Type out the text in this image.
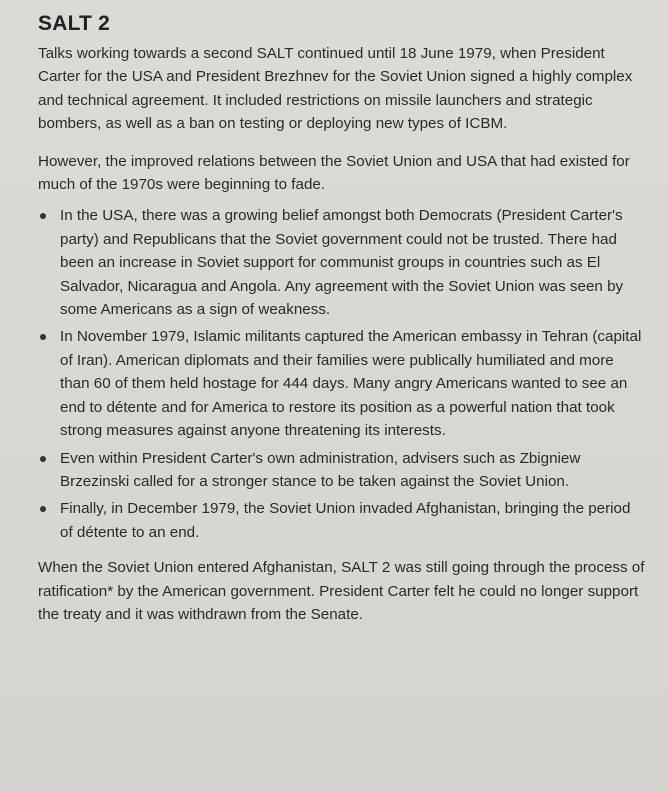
SALT 2

Talks working towards a second SALT continued until 18 June 1979, when President Carter for the USA and President Brezhnev for the Soviet Union signed a highly complex and technical agreement. It included restrictions on missile launchers and strategic bombers, as well as a ban on testing or deploying new types of ICBM.

However, the improved relations between the Soviet Union and USA that had existed for much of the 1970s were beginning to fade.

In the USA, there was a growing belief amongst both Democrats (President Carter's party) and Republicans that the Soviet government could not be trusted. There had been an increase in Soviet support for communist groups in countries such as El Salvador, Nicaragua and Angola. Any agreement with the Soviet Union was seen by some Americans as a sign of weakness.
In November 1979, Islamic militants captured the American embassy in Tehran (capital of Iran). American diplomats and their families were publically humiliated and more than 60 of them held hostage for 444 days. Many angry Americans wanted to see an end to détente and for America to restore its position as a powerful nation that took strong measures against anyone threatening its interests.
Even within President Carter's own administration, advisers such as Zbigniew Brzezinski called for a stronger stance to be taken against the Soviet Union.
Finally, in December 1979, the Soviet Union invaded Afghanistan, bringing the period of détente to an end.

When the Soviet Union entered Afghanistan, SALT 2 was still going through the process of ratification* by the American government. President Carter felt he could no longer support the treaty and it was withdrawn from the Senate.
